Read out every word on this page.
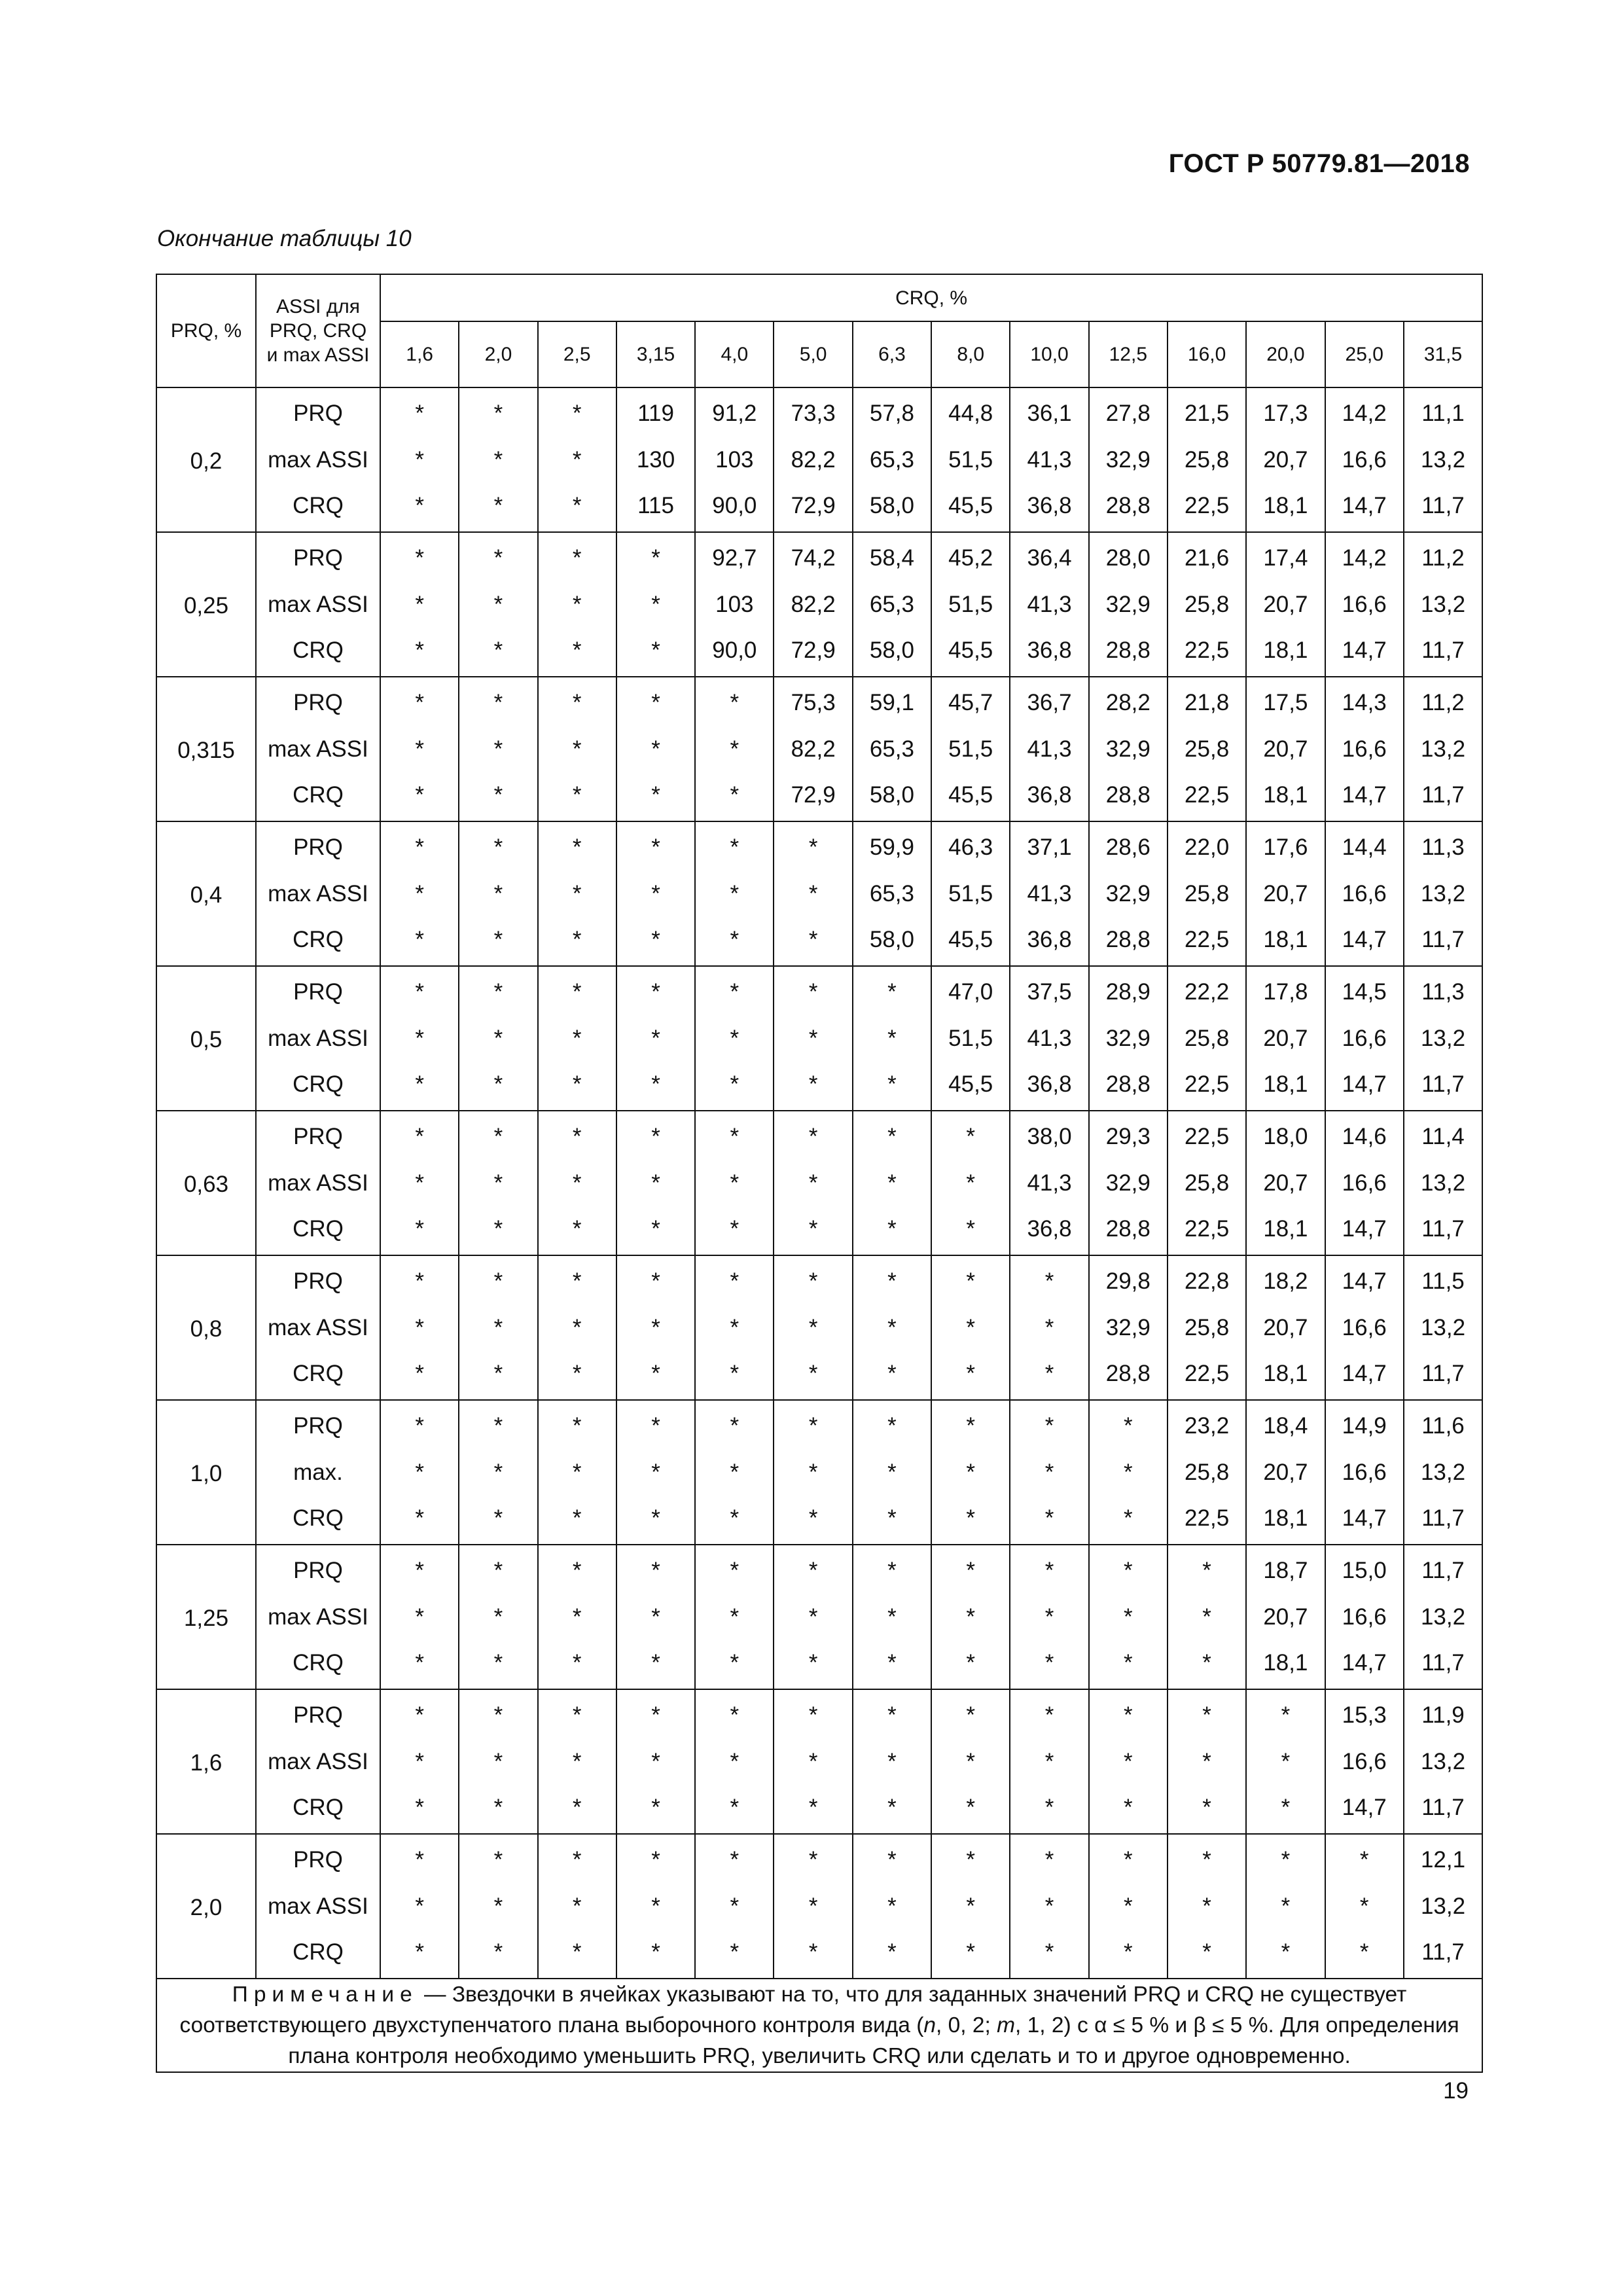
ГОСТ Р 50779.81—2018
Окончание таблицы 10
PRQ, %	ASSI для PRQ, CRQ и max ASSI	CRQ, %													
		1,6	2,0	2,5	3,15	4,0	5,0	6,3	8,0	10,0	12,5	16,0	20,0	25,0	31,5
0,2	PRQ	*	*	*	119	91,2	73,3	57,8	44,8	36,1	27,8	21,5	17,3	14,2	11,1
	max ASSI	*	*	*	130	103	82,2	65,3	51,5	41,3	32,9	25,8	20,7	16,6	13,2
	CRQ	*	*	*	115	90,0	72,9	58,0	45,5	36,8	28,8	22,5	18,1	14,7	11,7
0,25	PRQ	*	*	*	*	92,7	74,2	58,4	45,2	36,4	28,0	21,6	17,4	14,2	11,2
	max ASSI	*	*	*	*	103	82,2	65,3	51,5	41,3	32,9	25,8	20,7	16,6	13,2
	CRQ	*	*	*	*	90,0	72,9	58,0	45,5	36,8	28,8	22,5	18,1	14,7	11,7
0,315	PRQ	*	*	*	*	*	75,3	59,1	45,7	36,7	28,2	21,8	17,5	14,3	11,2
	max ASSI	*	*	*	*	*	82,2	65,3	51,5	41,3	32,9	25,8	20,7	16,6	13,2
	CRQ	*	*	*	*	*	72,9	58,0	45,5	36,8	28,8	22,5	18,1	14,7	11,7
0,4	PRQ	*	*	*	*	*	*	59,9	46,3	37,1	28,6	22,0	17,6	14,4	11,3
	max ASSI	*	*	*	*	*	*	65,3	51,5	41,3	32,9	25,8	20,7	16,6	13,2
	CRQ	*	*	*	*	*	*	58,0	45,5	36,8	28,8	22,5	18,1	14,7	11,7
0,5	PRQ	*	*	*	*	*	*	*	47,0	37,5	28,9	22,2	17,8	14,5	11,3
	max ASSI	*	*	*	*	*	*	*	51,5	41,3	32,9	25,8	20,7	16,6	13,2
	CRQ	*	*	*	*	*	*	*	45,5	36,8	28,8	22,5	18,1	14,7	11,7
0,63	PRQ	*	*	*	*	*	*	*	*	38,0	29,3	22,5	18,0	14,6	11,4
	max ASSI	*	*	*	*	*	*	*	*	41,3	32,9	25,8	20,7	16,6	13,2
	CRQ	*	*	*	*	*	*	*	*	36,8	28,8	22,5	18,1	14,7	11,7
0,8	PRQ	*	*	*	*	*	*	*	*	*	29,8	22,8	18,2	14,7	11,5
	max ASSI	*	*	*	*	*	*	*	*	*	32,9	25,8	20,7	16,6	13,2
	CRQ	*	*	*	*	*	*	*	*	*	28,8	22,5	18,1	14,7	11,7
1,0	PRQ	*	*	*	*	*	*	*	*	*	*	23,2	18,4	14,9	11,6
	max.	*	*	*	*	*	*	*	*	*	*	25,8	20,7	16,6	13,2
	CRQ	*	*	*	*	*	*	*	*	*	*	22,5	18,1	14,7	11,7
1,25	PRQ	*	*	*	*	*	*	*	*	*	*	*	18,7	15,0	11,7
	max ASSI	*	*	*	*	*	*	*	*	*	*	*	20,7	16,6	13,2
	CRQ	*	*	*	*	*	*	*	*	*	*	*	18,1	14,7	11,7
1,6	PRQ	*	*	*	*	*	*	*	*	*	*	*	*	15,3	11,9
	max ASSI	*	*	*	*	*	*	*	*	*	*	*	*	16,6	13,2
	CRQ	*	*	*	*	*	*	*	*	*	*	*	*	14,7	11,7
2,0	PRQ	*	*	*	*	*	*	*	*	*	*	*	*	*	12,1
	max ASSI	*	*	*	*	*	*	*	*	*	*	*	*	*	13,2
	CRQ	*	*	*	*	*	*	*	*	*	*	*	*	*	11,7
Примечание — Звездочки в ячейках указывают на то, что для заданных значений PRQ и CRQ не существует соответствующего двухступенчатого плана выборочного контроля вида (n, 0, 2; m, 1, 2) с α ≤ 5 % и β ≤ 5 %. Для определения плана контроля необходимо уменьшить PRQ, увеличить CRQ или сделать и то и другое одновременно.															
19
